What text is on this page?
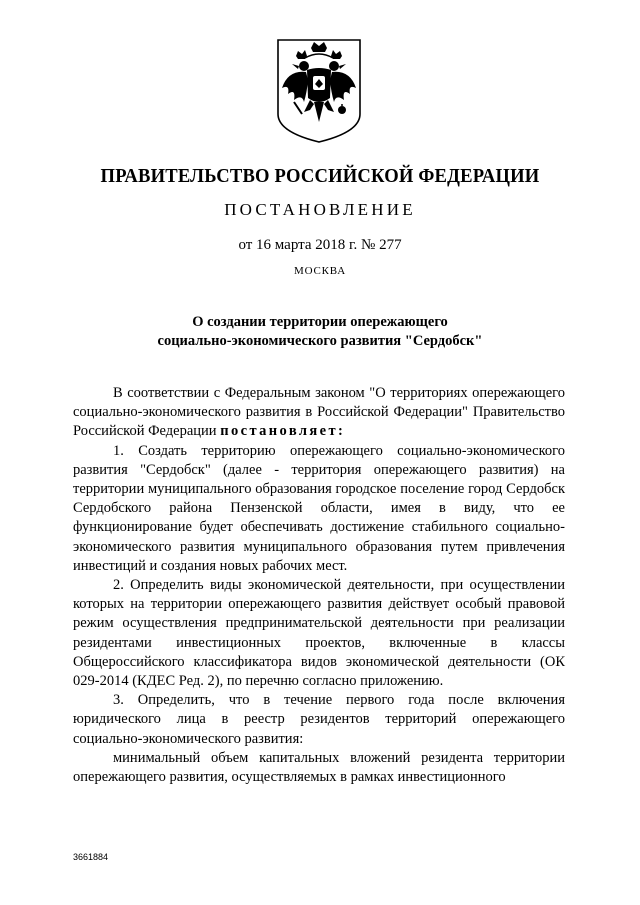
ПРАВИТЕЛЬСТВО РОССИЙСКОЙ ФЕДЕРАЦИИ
ПОСТАНОВЛЕНИЕ
от 16 марта 2018 г. № 277
МОСКВА
О создании территории опережающего
социально-экономического развития "Сердобск"

В соответствии с Федеральным законом "О территориях опережающего социально-экономического развития в Российской Федерации" Правительство Российской Федерации постановляет:

1. Создать территорию опережающего социально-экономического развития "Сердобск" (далее - территория опережающего развития) на территории муниципального образования городское поселение город Сердобск Сердобского района Пензенской области, имея в виду, что ее функционирование будет обеспечивать достижение стабильного социально-экономического развития муниципального образования путем привлечения инвестиций и создания новых рабочих мест.

2. Определить виды экономической деятельности, при осуществлении которых на территории опережающего развития действует особый правовой режим осуществления предпринимательской деятельности при реализации резидентами инвестиционных проектов, включенные в классы Общероссийского классификатора видов экономической деятельности (ОК 029-2014 (КДЕС Ред. 2), по перечню согласно приложению.

3. Определить, что в течение первого года после включения юридического лица в реестр резидентов территорий опережающего социально-экономического развития:

минимальный объем капитальных вложений резидента территории опережающего развития, осуществляемых в рамках инвестиционного

3661884
